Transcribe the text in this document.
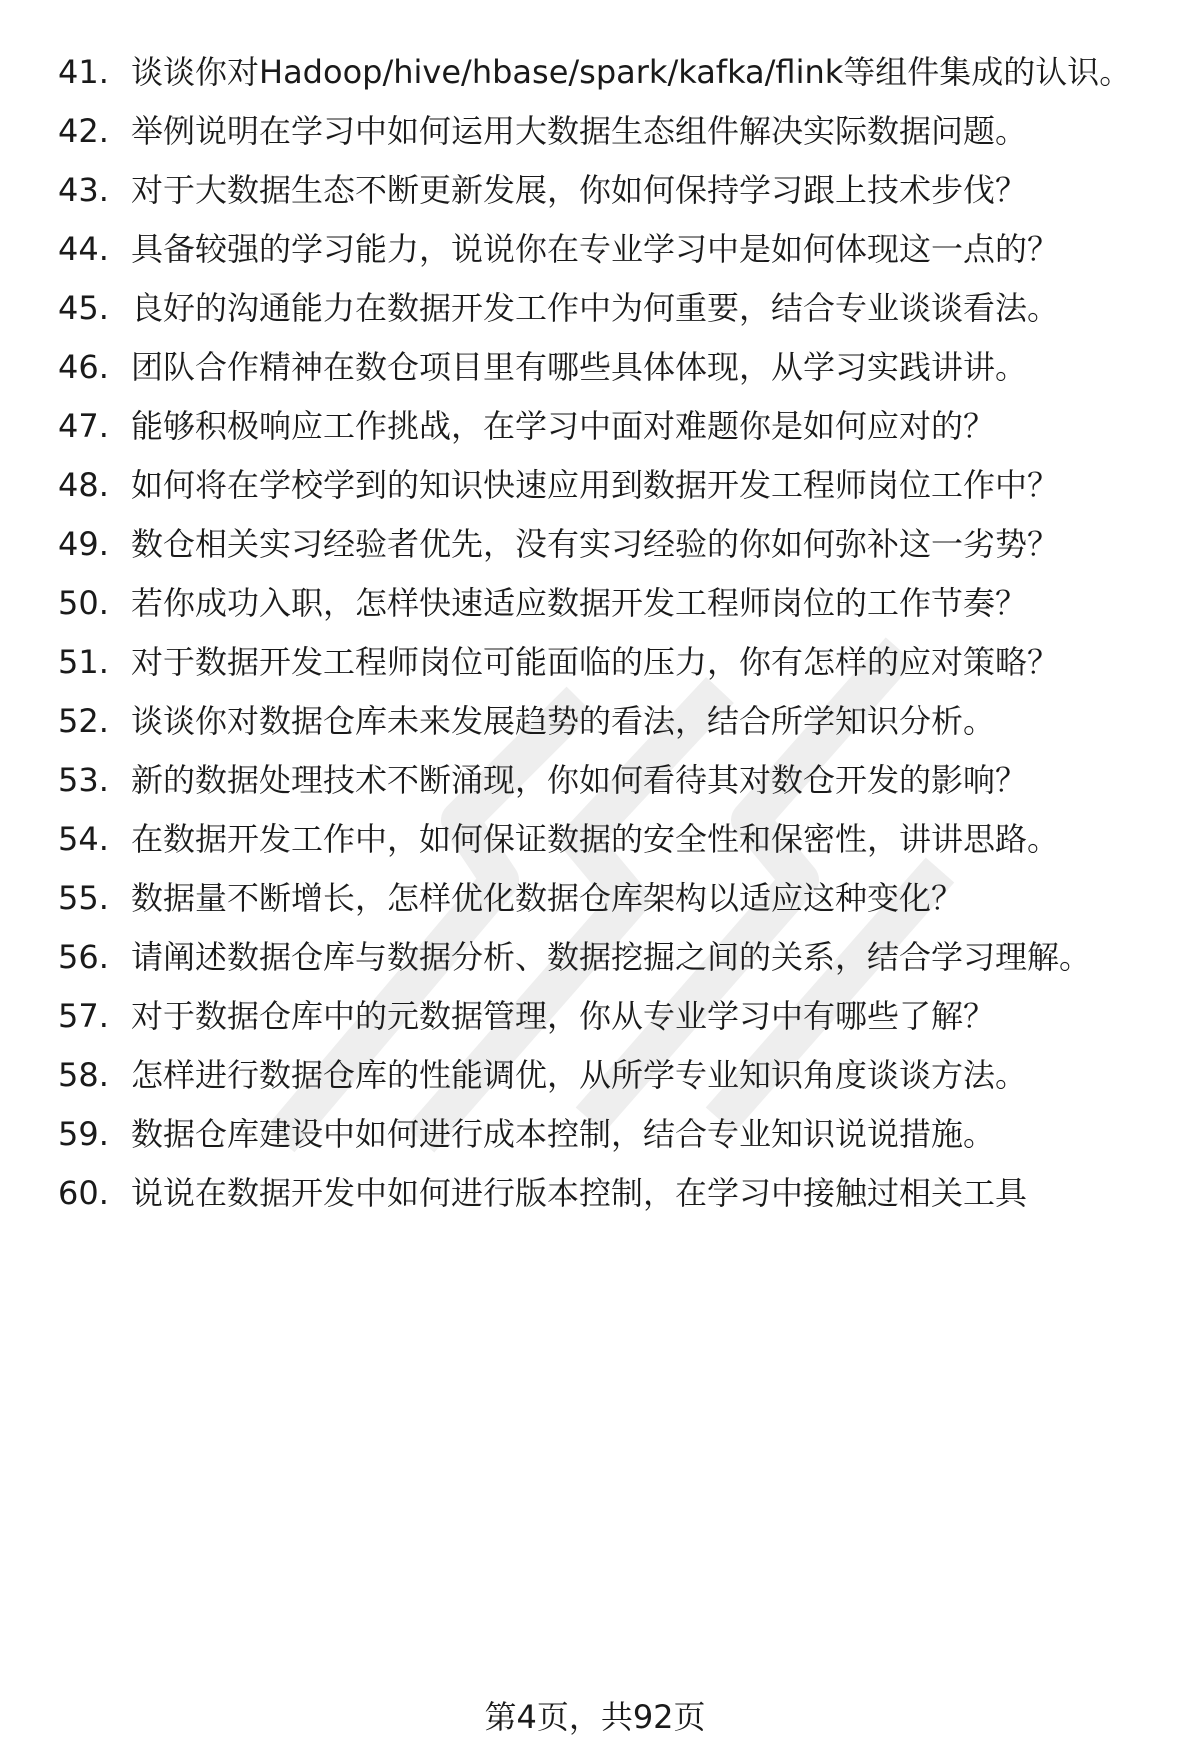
41. 谈谈你对Hadoop/hive/hbase/spark/kafka/flink等组件集成的认识。
42. 举例说明在学习中如何运用大数据生态组件解决实际数据问题。
43. 对于大数据生态不断更新发展，你如何保持学习跟上技术步伐？
44. 具备较强的学习能力，说说你在专业学习中是如何体现这一点的？
45. 良好的沟通能力在数据开发工作中为何重要，结合专业谈谈看法。
46. 团队合作精神在数仓项目里有哪些具体体现，从学习实践讲讲。
47. 能够积极响应工作挑战，在学习中面对难题你是如何应对的？
48. 如何将在学校学到的知识快速应用到数据开发工程师岗位工作中？
49. 数仓相关实习经验者优先，没有实习经验的你如何弥补这一劣势？
50. 若你成功入职，怎样快速适应数据开发工程师岗位的工作节奏？
51. 对于数据开发工程师岗位可能面临的压力，你有怎样的应对策略？
52. 谈谈你对数据仓库未来发展趋势的看法，结合所学知识分析。
53. 新的数据处理技术不断涌现，你如何看待其对数仓开发的影响？
54. 在数据开发工作中，如何保证数据的安全性和保密性，讲讲思路。
55. 数据量不断增长，怎样优化数据仓库架构以适应这种变化？
56. 请阐述数据仓库与数据分析、数据挖掘之间的关系，结合学习理解。
57. 对于数据仓库中的元数据管理，你从专业学习中有哪些了解？
58. 怎样进行数据仓库的性能调优，从所学专业知识角度谈谈方法。
59. 数据仓库建设中如何进行成本控制，结合专业知识说说措施。
60. 说说在数据开发中如何进行版本控制，在学习中接触过相关工具
第4页，共92页
